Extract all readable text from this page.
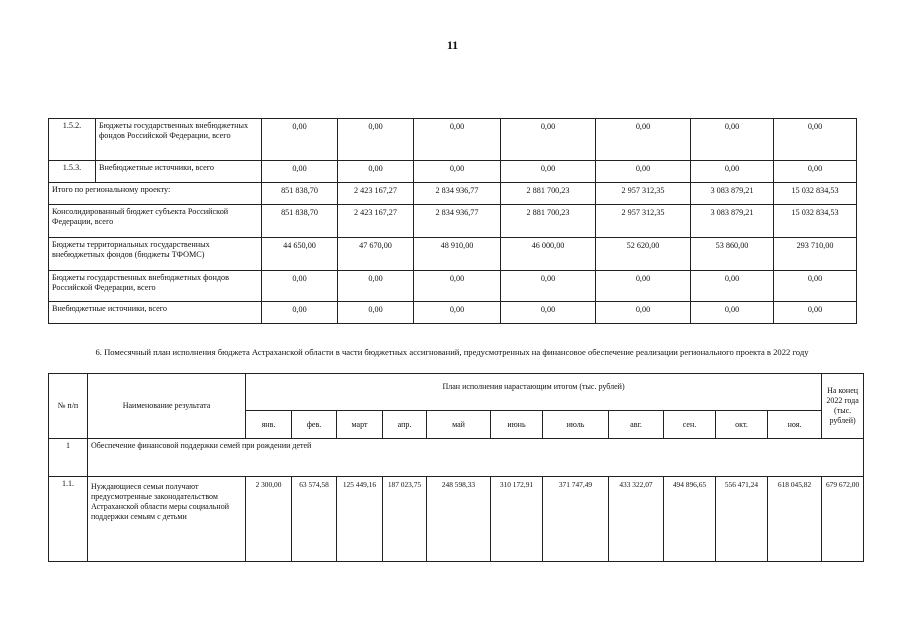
11
1.5.2.	Бюджеты государственных внебюджетных фондов Российской Федерации, всего	0,00	0,00	0,00	0,00	0,00	0,00	0,00
1.5.3.	Внебюджетные источники, всего	0,00	0,00	0,00	0,00	0,00	0,00	0,00
Итого по региональному проекту:		851 838,70	2 423 167,27	2 834 936,77	2 881 700,23	2 957 312,35	3 083 879,21	15 032 834,53
Консолидированный бюджет субъекта Российской Федерации, всего		851 838,70	2 423 167,27	2 834 936,77	2 881 700,23	2 957 312,35	3 083 879,21	15 032 834,53
Бюджеты территориальных государственных внебюджетных фондов (бюджеты ТФОМС)		44 650,00	47 670,00	48 910,00	46 000,00	52 620,00	53 860,00	293 710,00
Бюджеты государственных внебюджетных фондов Российской Федерации, всего		0,00	0,00	0,00	0,00	0,00	0,00	0,00
Внебюджетные источники, всего		0,00	0,00	0,00	0,00	0,00	0,00	0,00
6. Помесячный план исполнения бюджета Астраханской области в части бюджетных ассигнований, предусмотренных на финансовое обеспечение реализации регионального проекта в 2022 году
№ п/п	Наименование результата	План исполнения нарастающим итогом (тыс. рублей)											На конец 2022 года (тыс. рублей)
		янв.	фев.	март	апр.	май	июнь	июль	авг.	сен.	окт.	ноя.	
1	Обеспечение финансовой поддержки семей при рождении детей												
1.1.	Нуждающиеся семьи получают предусмотренные законодательством Астраханской области меры социальной поддержки семьям с детьми	2 300,00	63 574,58	125 449,16	187 023,75	248 598,33	310 172,91	371 747,49	433 322,07	494 896,65	556 471,24	618 045,82	679 672,00
